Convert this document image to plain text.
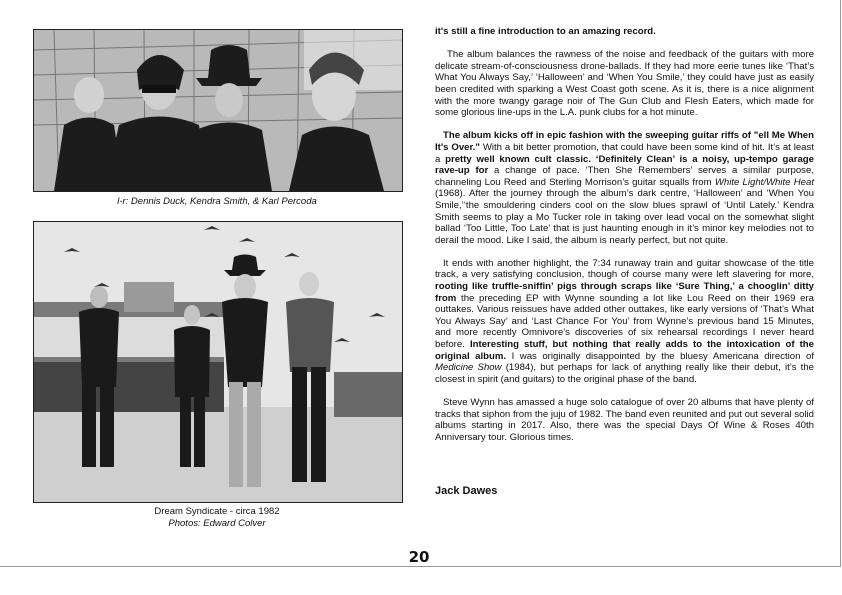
l-r: Dennis Duck, Kendra Smith, & Karl Percoda
Dream Syndicate - circa 1982
Photos: Edward Colver

it's still a fine introduction to an amazing record.

The album balances the rawness of the noise and feedback of the guitars with more delicate stream-of-consciousness drone-ballads. If they had more eerie tunes like ‘That’s What You Always Say,’ ‘Halloween’ and ‘When You Smile,’ they could have just as easily been credited with sparking a West Coast goth scene. As it is, there is a nice alignment with the more twangy garage noir of The Gun Club and Flesh Eaters, which made for some glorious line-ups in the L.A. punk clubs for a hot minute.

The album kicks off in epic fashion with the sweeping guitar riffs of "ell Me When It's Over." With a bit better promotion, that could have been some kind of hit. It’s at least a pretty well known cult classic. ‘Definitely Clean’ is a noisy, up-tempo garage rave-up for a change of pace. ‘Then She Remembers’ serves a similar purpose, channeling Lou Reed and Sterling Morrison’s guitar squalls from White Light/White Heat (1968). After the journey through the album’s dark centre, ‘Halloween’ and ‘When You Smile,’‘the smouldering cinders cool on the slow blues sprawl of ‘Until Lately.’ Kendra Smith seems to play a Mo Tucker role in taking over lead vocal on the somewhat slight ballad ‘Too Little, Too Late’ that is just haunting enough in it’s minor key melodies not to derail the mood. Like I said, the album is nearly perfect, but not quite.

It ends with another highlight, the 7:34 runaway train and guitar showcase of the title track, a very satisfying conclusion, though of course many were left slavering for more, rooting like truffle-sniffin’ pigs through scraps like ‘Sure Thing,’ a chooglin’ ditty from the preceding EP with Wynne sounding a lot like Lou Reed on their 1969 era outtakes. Various reissues have added other outtakes, like early versions of ‘That’s What You Always Say’ and ‘Last Chance For You’ from Wynne’s previous band 15 Minutes, and more recently Omnivore’s discoveries of six rehearsal recordings I never heard before. Interesting stuff, but nothing that really adds to the intoxication of the original album. I was originally disappointed by the bluesy Americana direction of Medicine Show (1984), but perhaps for lack of anything really like their debut, it’s the closest in spirit (and guitars) to the original phase of the band.

Steve Wynn has amassed a huge solo catalogue of over 20 albums that have plenty of tracks that siphon from the juju of 1982. The band even reunited and put out several solid albums starting in 2017. Also, there was the special Days Of Wine & Roses 40th Anniversary tour. Glorious times.

Jack Dawes
20
